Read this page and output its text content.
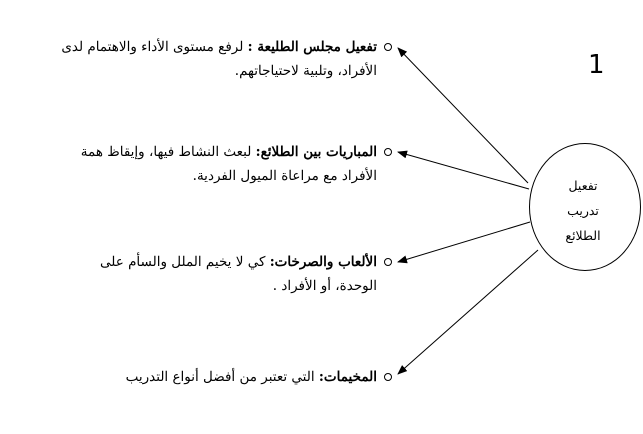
1
تفعيل
تدريب
الطلائع
تفعيل مجلس الطليعة : لرفع مستوى الأداء والاهتمام لدى
الأفراد، وتلبية لاحتياجاتهم.
المباريات بين الطلائع: لبعث النشاط فيها، وإيقاظ همة
الأفراد مع مراعاة الميول الفردية.
الألعاب والصرخات: كي لا يخيم الملل والسأم على
الوحدة، أو الأفراد .
المخيمات: التي تعتبر من أفضل أنواع التدريب
